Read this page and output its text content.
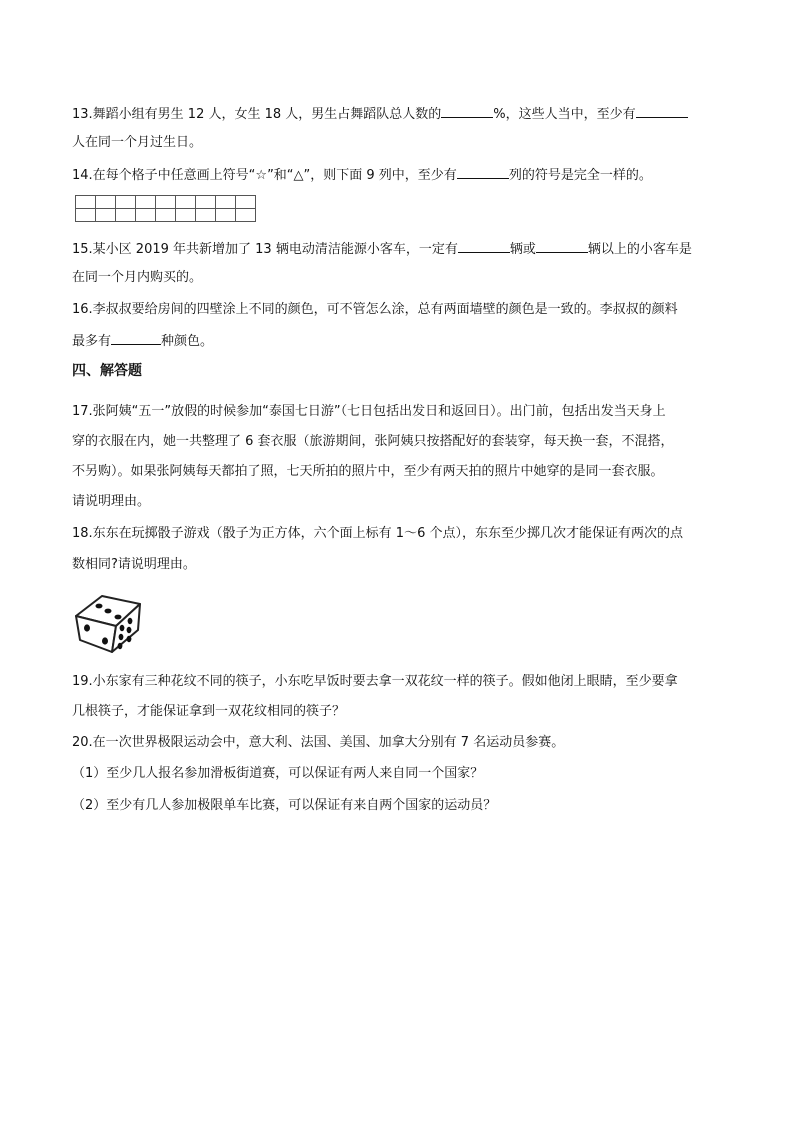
13.舞蹈小组有男生 12 人，女生 18 人，男生占舞蹈队总人数的	%，这些人当中，至少有
人在同一个月过生日。
14.在每个格子中任意画上符号“☆”和“△”，则下面 9 列中，至少有	列的符号是完全一样的。

15.某小区 2019 年共新增加了 13 辆电动清洁能源小客车，一定有	辆或	辆以上的小客车是
在同一个月内购买的。
16.李叔叔要给房间的四壁涂上不同的颜色，可不管怎么涂，总有两面墙壁的颜色是一致的。李叔叔的颜料
最多有	种颜色。
四、解答题
17.张阿姨“五一”放假的时候参加“泰国七日游”（七日包括出发日和返回日）。出门前，包括出发当天身上
穿的衣服在内，她一共整理了 6 套衣服（旅游期间，张阿姨只按搭配好的套装穿，每天换一套，不混搭，
不另购）。如果张阿姨每天都拍了照，七天所拍的照片中，至少有两天拍的照片中她穿的是同一套衣服。
请说明理由。
18.东东在玩掷骰子游戏（骰子为正方体，六个面上标有 1～6 个点），东东至少掷几次才能保证有两次的点
数相同?请说明理由。
19.小东家有三种花纹不同的筷子，小东吃早饭时要去拿一双花纹一样的筷子。假如他闭上眼睛，至少要拿
几根筷子，才能保证拿到一双花纹相同的筷子？
20.在一次世界极限运动会中，意大利、法国、美国、加拿大分别有 7 名运动员参赛。
（1）至少几人报名参加滑板街道赛，可以保证有两人来自同一个国家？
（2）至少有几人参加极限单车比赛，可以保证有来自两个国家的运动员？
